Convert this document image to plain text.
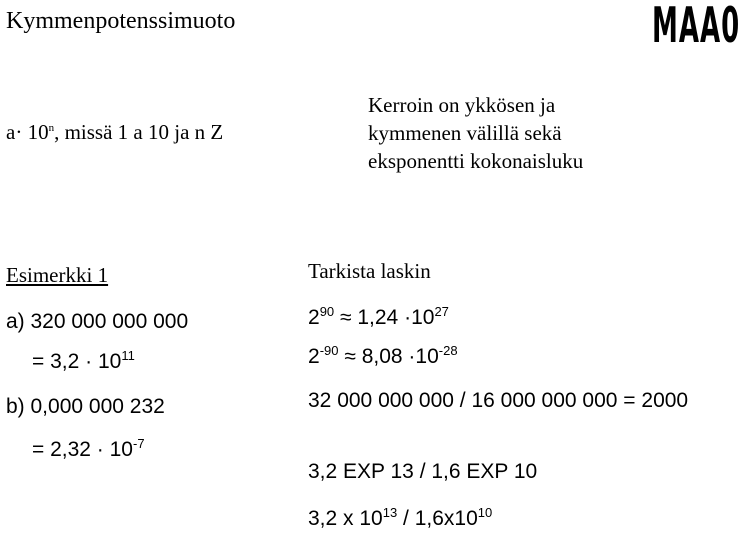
Kymmenpotenssimuoto	MAA0
$a\cdot 10^n$, missä 1 a 10 ja n Z
Kerroin on ykkösen ja kymmenen välillä sekä eksponentti kokonaisluku
Esimerkki 1	Tarkista laskin
a) 320 000 000 000
= $3,2 \cdot 10^{11}$
b) 0,000 000 232
= $2,32 \cdot 10^{-7}$
$2^{90} \approx 1,24 \cdot 10^{27}$
$2^{-90} \approx 8,08 \cdot 10^{-28}$
32 000 000 000 / 16 000 000 000 = 2000
3,2 EXP 13 / 1,6 EXP 10
3,2 x $10^{13} / 1,6x10^{10}$
